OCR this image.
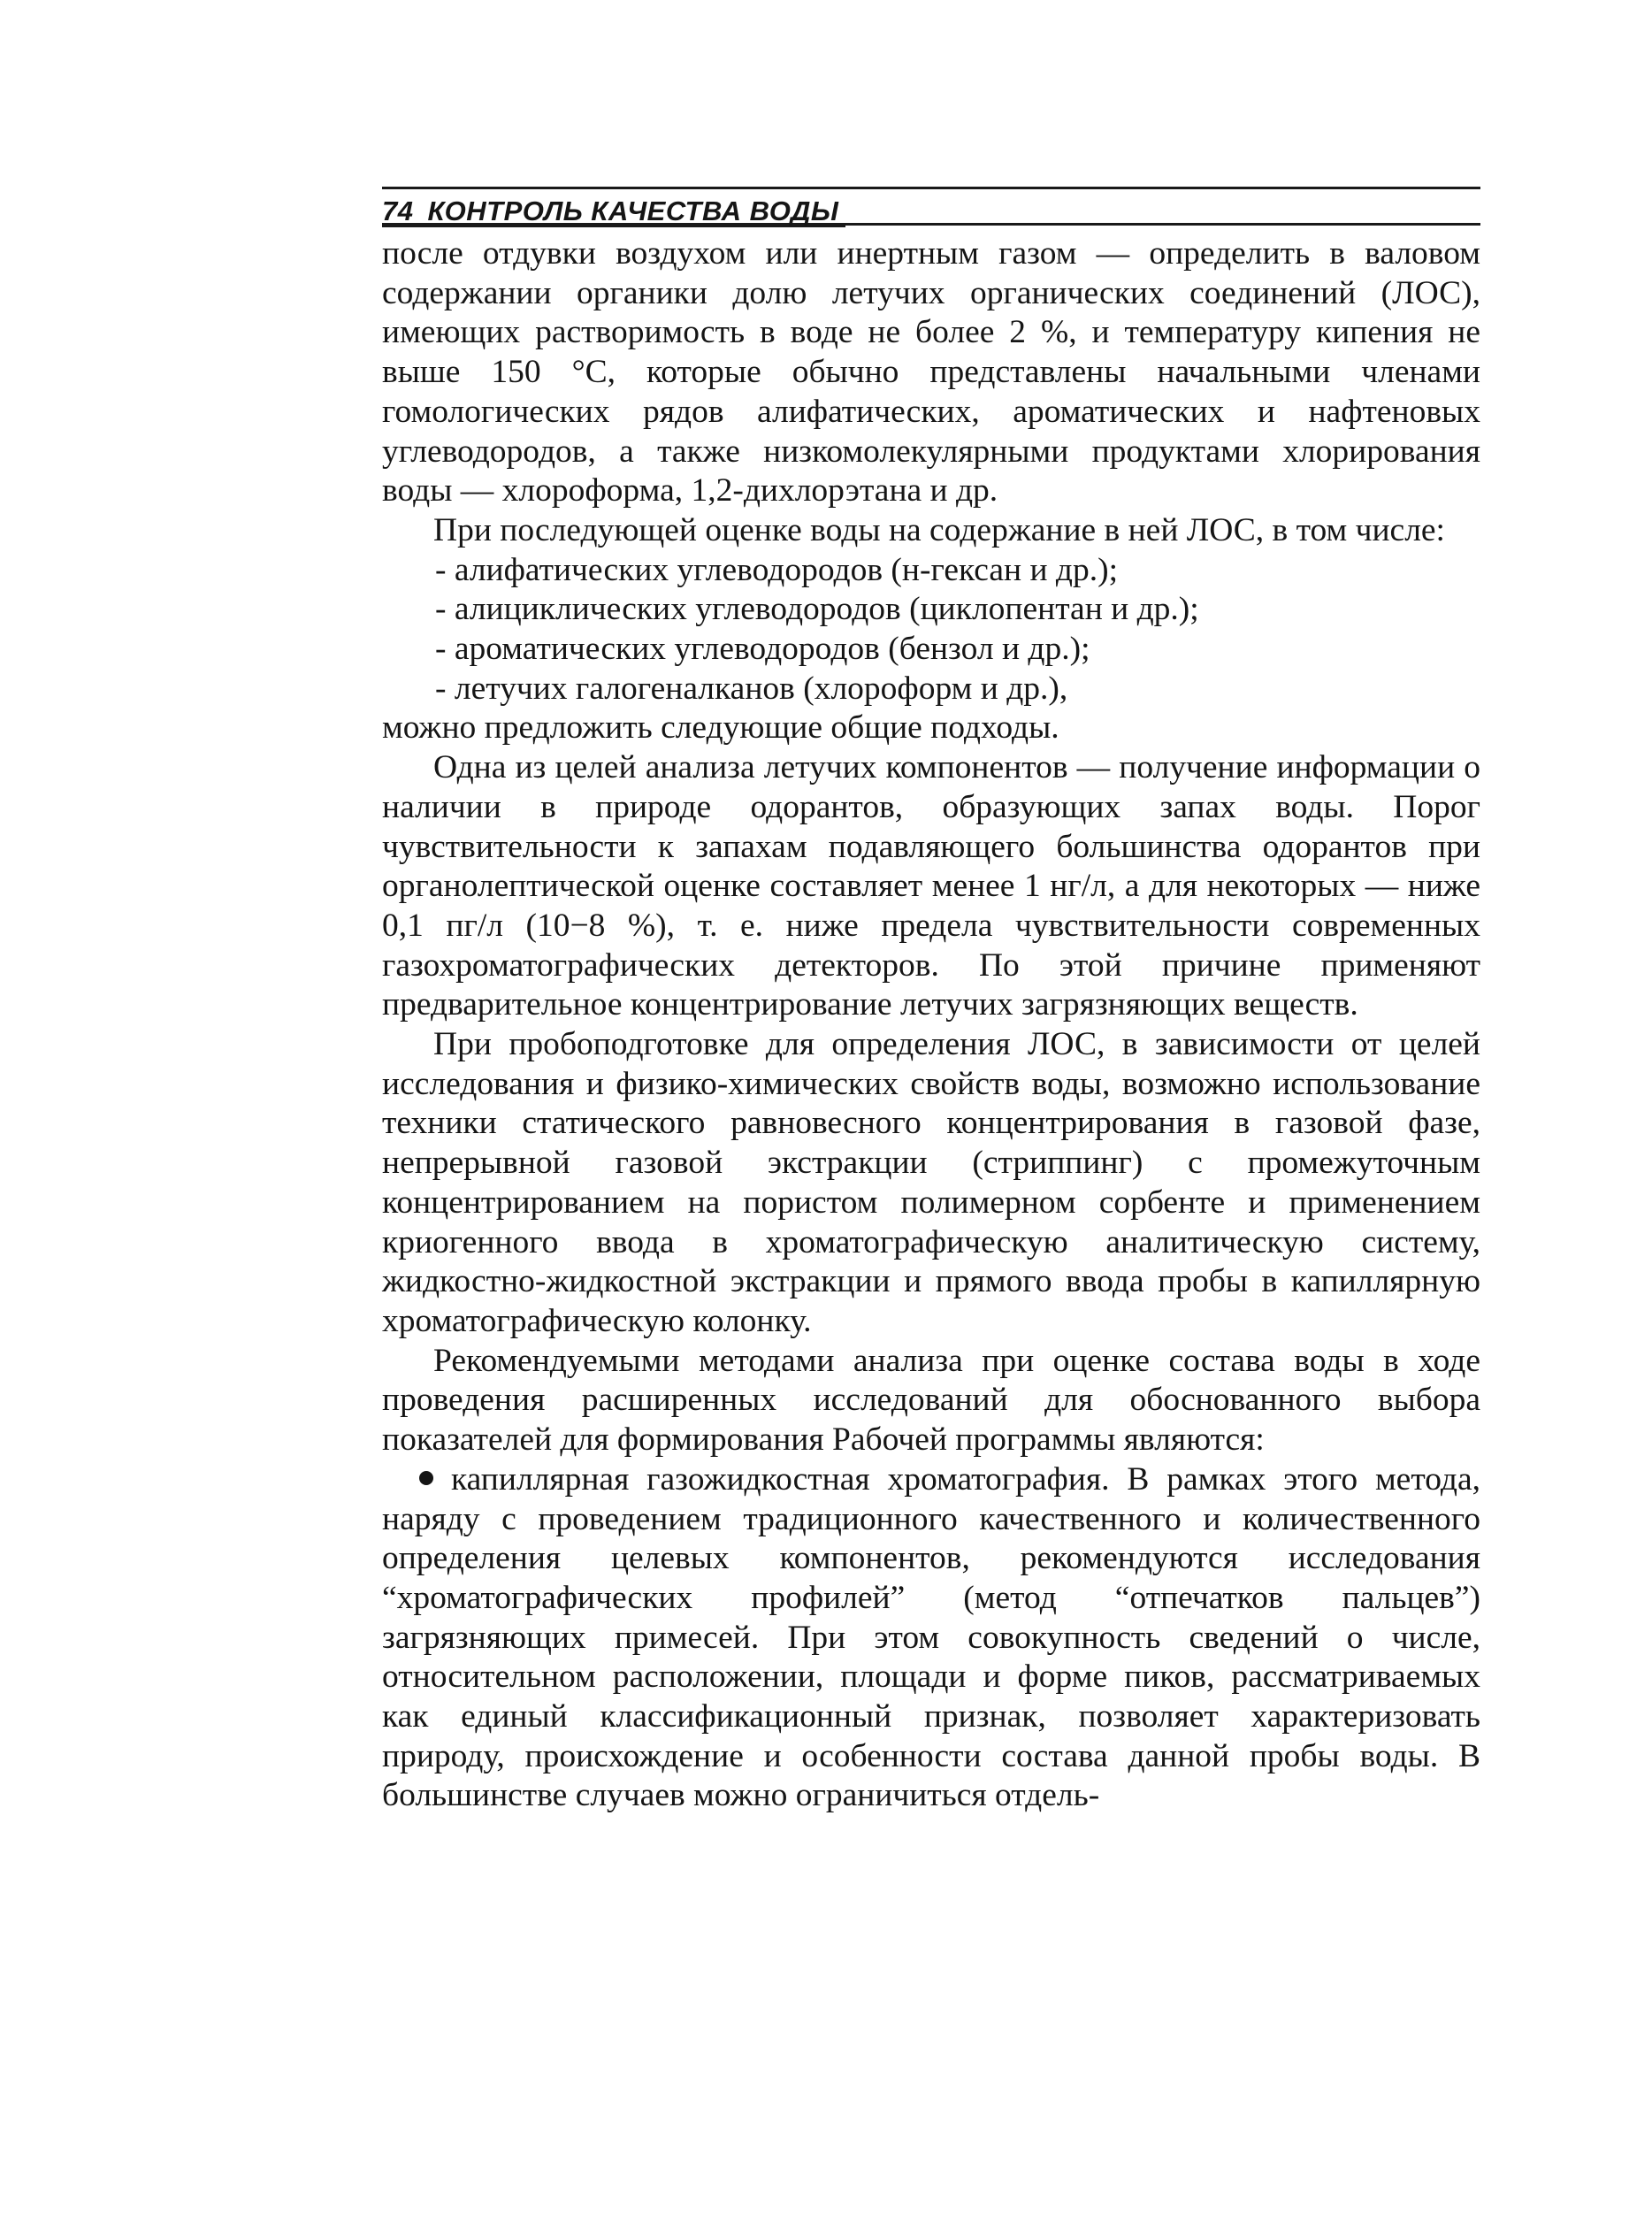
74 КОНТРОЛЬ КАЧЕСТВА ВОДЫ

после отдувки воздухом или инертным газом — определить в валовом содержании органики долю летучих органических соединений (ЛОС), имеющих растворимость в воде не более 2 %, и температуру кипения не выше 150 °С, которые обычно представлены начальными членами гомологических рядов алифатических, ароматических и нафтеновых углеводородов, а также низкомолекулярными продуктами хлорирования воды — хлороформа, 1,2-дихлорэтана и др.

При последующей оценке воды на содержание в ней ЛОС, в том числе:

- алифатических углеводородов (н-гексан и др.);
- алициклических углеводородов (циклопентан и др.);
- ароматических углеводородов (бензол и др.);
- летучих галогеналканов (хлороформ и др.),

можно предложить следующие общие подходы.

Одна из целей анализа летучих компонентов — получение информации о наличии в природе одорантов, образующих запах воды. Порог чувствительности к запахам подавляющего большинства одорантов при органолептической оценке составляет менее 1 нг/л, а для некоторых — ниже 0,1 пг/л (10−8 %), т. е. ниже предела чувствительности современных газохроматографических детекторов. По этой причине применяют предварительное концентрирование летучих загрязняющих веществ.

При пробоподготовке для определения ЛОС, в зависимости от целей исследования и физико-химических свойств воды, возможно использование техники статического равновесного концентрирования в газовой фазе, непрерывной газовой экстракции (стриппинг) с промежуточным концентрированием на пористом полимерном сорбенте и применением криогенного ввода в хроматографическую аналитическую систему, жидкостно-жидкостной экстракции и прямого ввода пробы в капиллярную хроматографическую колонку.

Рекомендуемыми методами анализа при оценке состава воды в ходе проведения расширенных исследований для обоснованного выбора показателей для формирования Рабочей программы являются:

капиллярная газожидкостная хроматография. В рамках этого метода, наряду с проведением традиционного качественного и количественного определения целевых компонентов, рекомендуются исследования “хроматографических профилей” (метод “отпечатков пальцев”) загрязняющих примесей. При этом совокупность сведений о числе, относительном расположении, площади и форме пиков, рассматриваемых как единый классификационный признак, позволяет характеризовать природу, происхождение и особенности состава данной пробы воды. В большинстве случаев можно ограничиться отдель-
